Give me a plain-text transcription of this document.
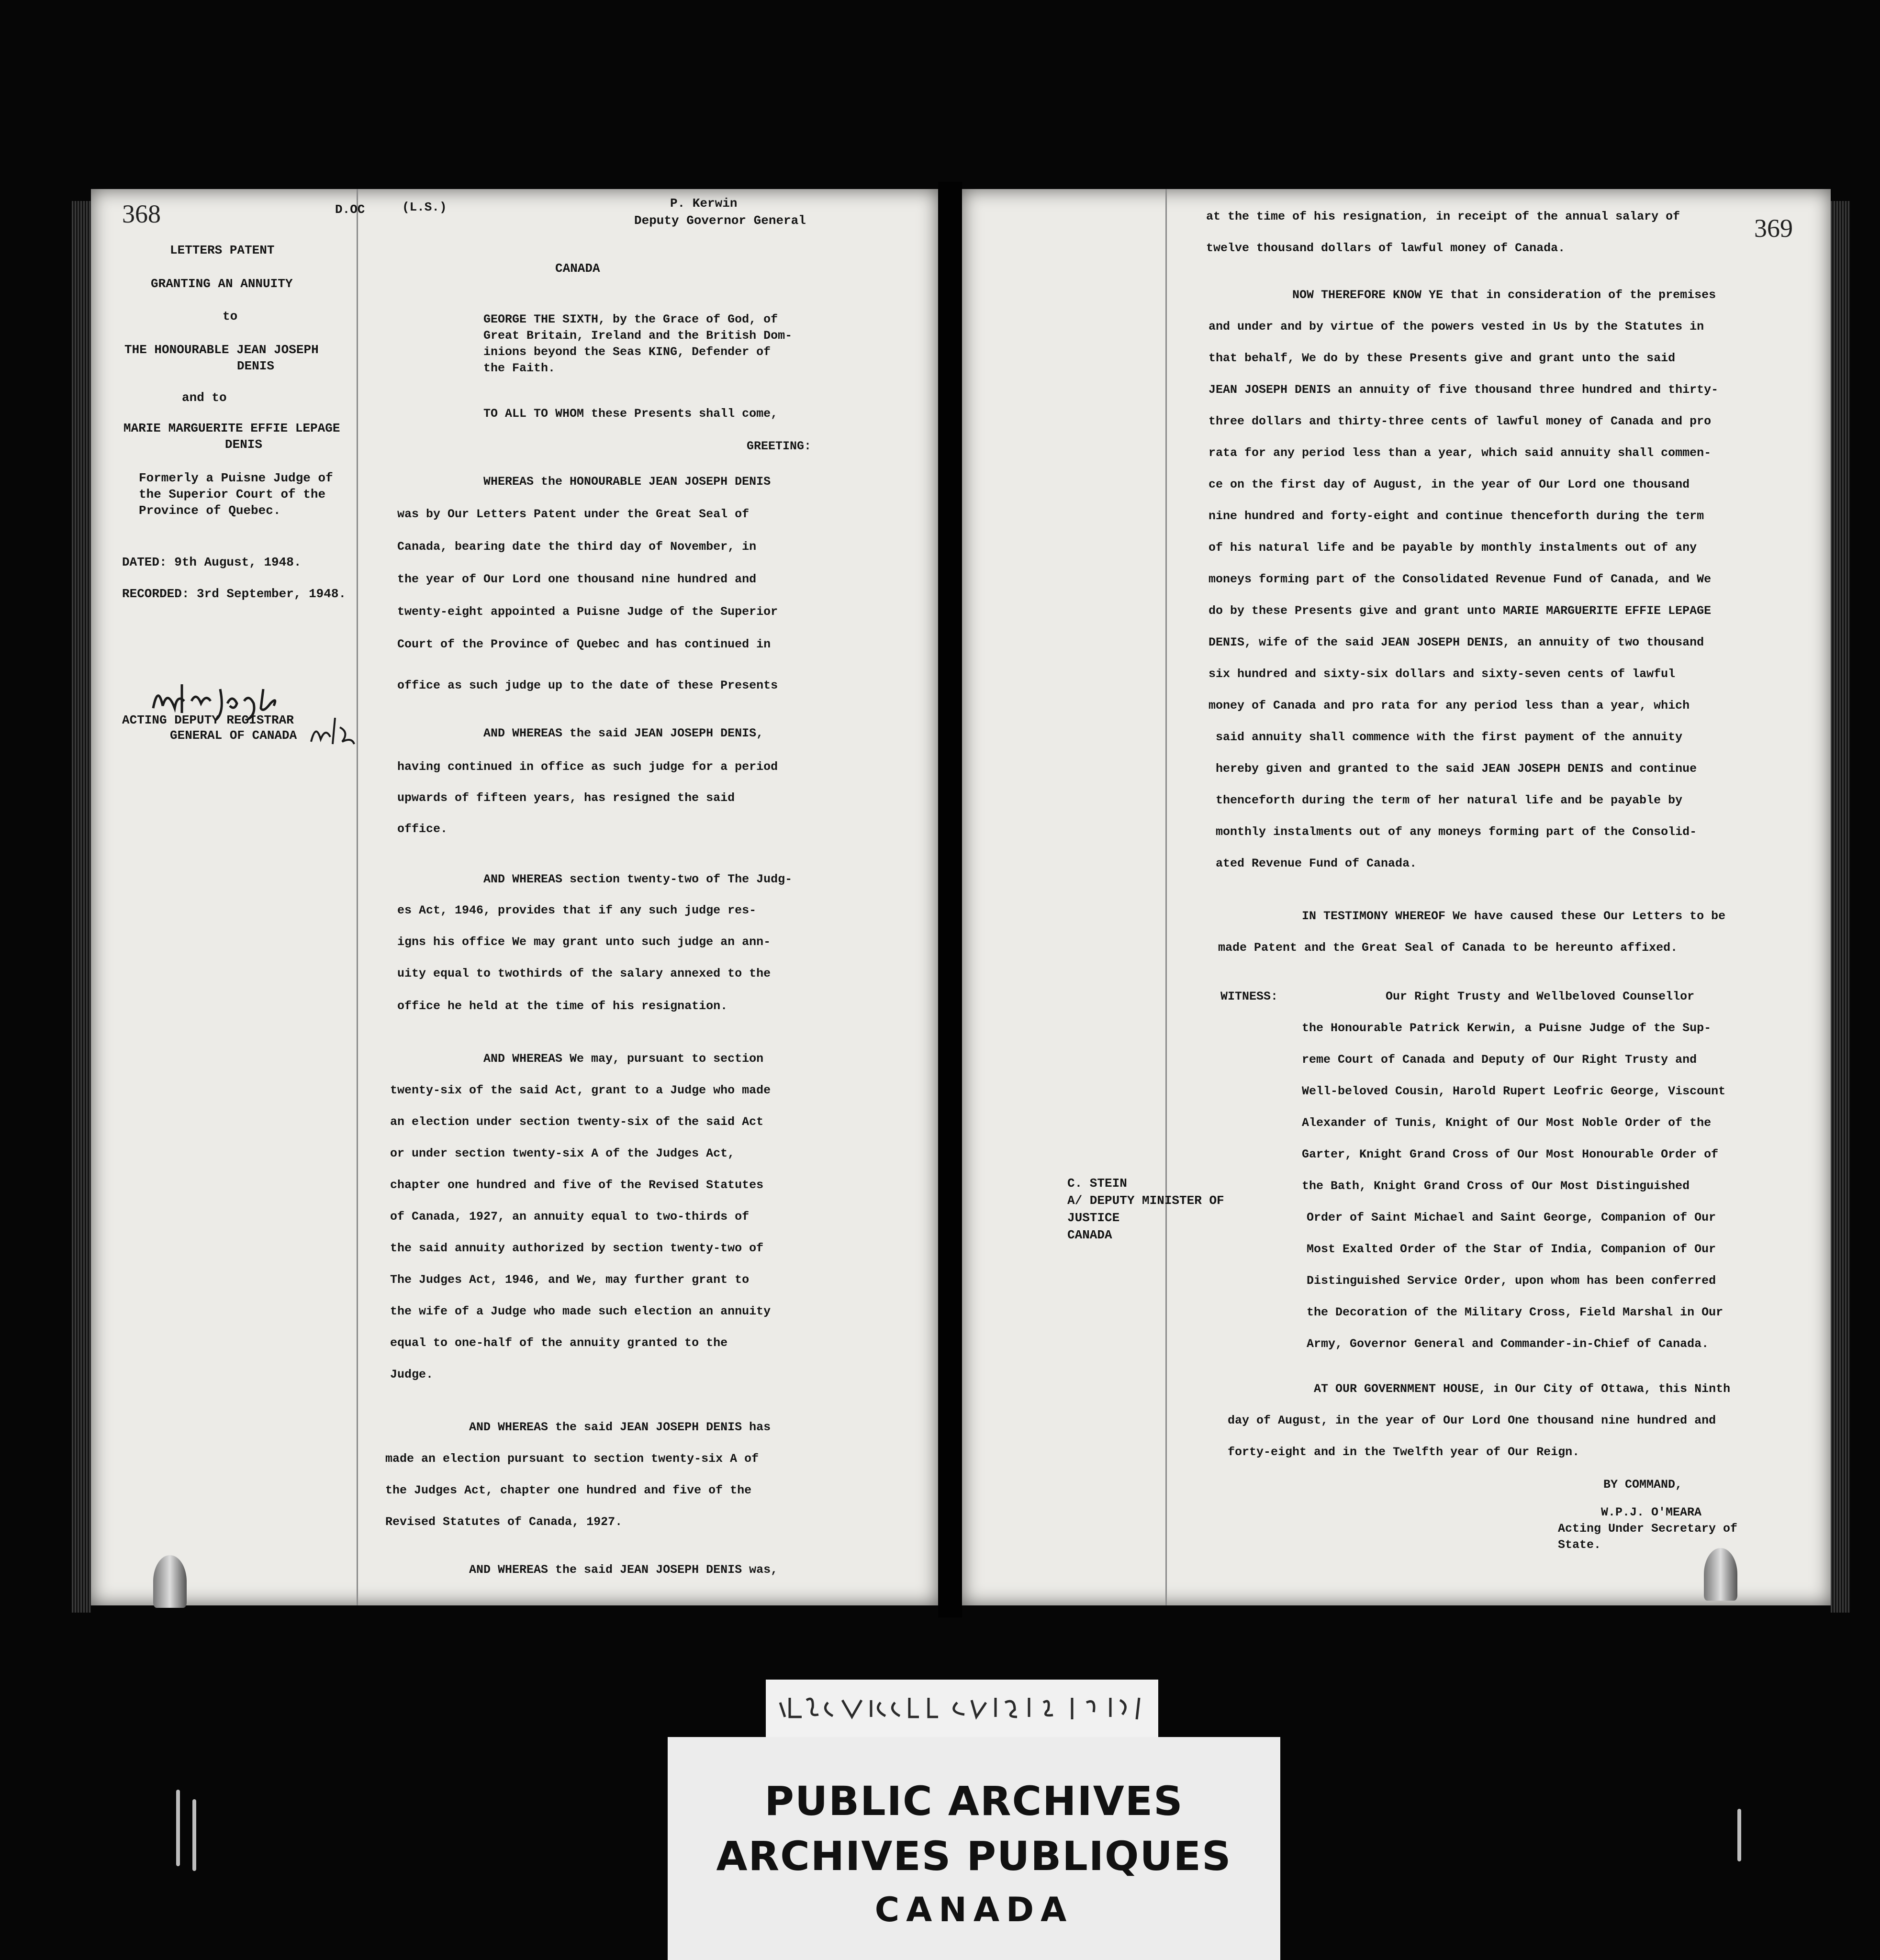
368	D.OC
LETTERS PATENT
GRANTING AN ANNUITY
to
THE HONOURABLE JEAN JOSEPH
DENIS
and to
MARIE MARGUERITE EFFIE LEPAGE
DENIS
Formerly a Puisne Judge of
the Superior Court of the
Province of Quebec.
DATED: 9th August, 1948.
RECORDED: 3rd September, 1948.
ACTING DEPUTY REGISTRAR
GENERAL OF CANADA
(L.S.)	P. Kerwin
Deputy Governor General
CANADA
GEORGE THE SIXTH, by the Grace of God, of
Great Britain, Ireland and the British Dom-
inions beyond the Seas KING, Defender of
the Faith.
TO ALL TO WHOM these Presents shall come,
GREETING:
WHEREAS the HONOURABLE JEAN JOSEPH DENIS
was by Our Letters Patent under the Great Seal of
Canada, bearing date the third day of November, in
the year of Our Lord one thousand nine hundred and
twenty-eight appointed a Puisne Judge of the Superior
Court of the Province of Quebec and has continued in
office as such judge up to the date of these Presents
AND WHEREAS the said JEAN JOSEPH DENIS,
having continued in office as such judge for a period
upwards of fifteen years, has resigned the said
office.
AND WHEREAS section twenty-two of The Judg-
es Act, 1946, provides that if any such judge res-
igns his office We may grant unto such judge an ann-
uity equal to twothirds of the salary annexed to the
office he held at the time of his resignation.
AND WHEREAS We may, pursuant to section
twenty-six of the said Act, grant to a Judge who made
an election under section twenty-six of the said Act
or under section twenty-six A of the Judges Act,
chapter one hundred and five of the Revised Statutes
of Canada, 1927, an annuity equal to two-thirds of
the said annuity authorized by section twenty-two of
The Judges Act, 1946, and We, may further grant to
the wife of a Judge who made such election an annuity
equal to one-half of the annuity granted to the
Judge.
AND WHEREAS the said JEAN JOSEPH DENIS has
made an election pursuant to section twenty-six A of
the Judges Act, chapter one hundred and five of the
Revised Statutes of Canada, 1927.
AND WHEREAS the said JEAN JOSEPH DENIS was,
369
at the time of his resignation, in receipt of the annual salary of
twelve thousand dollars of lawful money of Canada.
NOW THEREFORE KNOW YE that in consideration of the premises
and under and by virtue of the powers vested in Us by the Statutes in
that behalf, We do by these Presents give and grant unto the said
JEAN JOSEPH DENIS an annuity of five thousand three hundred and thirty-
three dollars and thirty-three cents of lawful money of Canada and pro
rata for any period less than a year, which said annuity shall commen-
ce on the first day of August, in the year of Our Lord one thousand
nine hundred and forty-eight and continue thenceforth during the term
of his natural life and be payable by monthly instalments out of any
moneys forming part of the Consolidated Revenue Fund of Canada, and We
do by these Presents give and grant unto MARIE MARGUERITE EFFIE LEPAGE
DENIS, wife of the said JEAN JOSEPH DENIS, an annuity of two thousand
six hundred and sixty-six dollars and sixty-seven cents of lawful
money of Canada and pro rata for any period less than a year, which
said annuity shall commence with the first payment of the annuity
hereby given and granted to the said JEAN JOSEPH DENIS and continue
thenceforth during the term of her natural life and be payable by
monthly instalments out of any moneys forming part of the Consolid-
ated Revenue Fund of Canada.
IN TESTIMONY WHEREOF We have caused these Our Letters to be
made Patent and the Great Seal of Canada to be hereunto affixed.
WITNESS:	Our Right Trusty and Wellbeloved Counsellor
the Honourable Patrick Kerwin, a Puisne Judge of the Sup-
reme Court of Canada and Deputy of Our Right Trusty and
Well-beloved Cousin, Harold Rupert Leofric George, Viscount
Alexander of Tunis, Knight of Our Most Noble Order of the
Garter, Knight Grand Cross of Our Most Honourable Order of
the Bath, Knight Grand Cross of Our Most Distinguished
Order of Saint Michael and Saint George, Companion of Our
Most Exalted Order of the Star of India, Companion of Our
Distinguished Service Order, upon whom has been conferred
the Decoration of the Military Cross, Field Marshal in Our
Army, Governor General and Commander-in-Chief of Canada.
AT OUR GOVERNMENT HOUSE, in Our City of Ottawa, this Ninth
day of August, in the year of Our Lord One thousand nine hundred and
forty-eight and in the Twelfth year of Our Reign.
BY COMMAND,
W.P.J. O'MEARA
Acting Under Secretary of
State.
C. STEIN
A/ DEPUTY MINISTER OF
JUSTICE
CANADA
PUBLIC ARCHIVES
ARCHIVES PUBLIQUES
CANADA
